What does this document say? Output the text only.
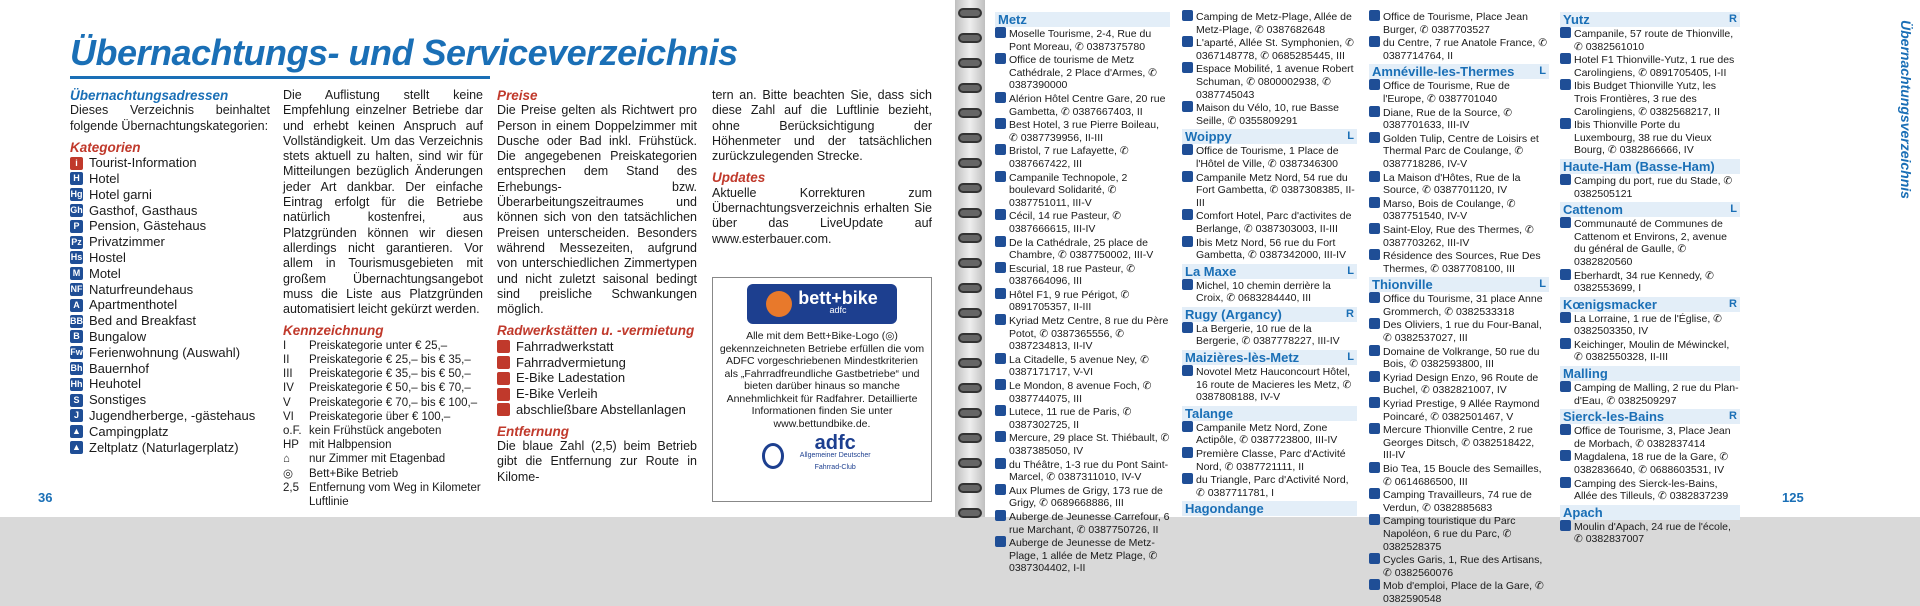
Übernachtungs- und Serviceverzeichnis
Übernachtungsadressen
Dieses Verzeichnis beinhaltet folgende Übernachtungskategorien:
Kategorien
i Tourist-Information
H Hotel
Hg Hotel garni
Gh Gasthof, Gasthaus
P Pension, Gästehaus
Pz Privatzimmer
Hs Hostel
M Motel
NF Naturfreundehaus
A Apartmenthotel
BB Bed and Breakfast
B Bungalow
Fw Ferienwohnung (Auswahl)
Bh Bauernhof
Hh Heuhotel
S Sonstiges
J Jugendherberge, -gästehaus
▲ Campingplatz
▲ Zeltplatz (Naturlagerplatz)
Die Auflistung stellt keine Empfehlung einzelner Betriebe dar und erhebt keinen Anspruch auf Vollständigkeit. Um das Verzeichnis stets aktuell zu halten, sind wir für Mitteilungen bezüglich Änderungen jeder Art dankbar. Der einfache Eintrag erfolgt für die Betriebe natürlich kostenfrei, aus Platzgründen können wir diesen allerdings nicht garantieren. Vor allem in Tourismusgebieten mit großem Übernachtungsangebot muss die Liste aus Platzgründen automatisiert leicht gekürzt werden.
Kennzeichnung
I	Preiskategorie unter € 25,–
II	Preiskategorie € 25,– bis € 35,–
III	Preiskategorie € 35,– bis € 50,–
IV	Preiskategorie € 50,– bis € 70,–
V	Preiskategorie € 70,– bis € 100,–
VI	Preiskategorie über € 100,–
o.F. kein Frühstück angeboten
HP mit Halbpension
⌂	nur Zimmer mit Etagenbad
◎	Bett+Bike Betrieb
2,5 Entfernung vom Weg in Kilometer Luftlinie
Preise
Die Preise gelten als Richtwert pro Person in einem Doppelzimmer mit Dusche oder Bad inkl. Frühstück. Die angegebenen Preiskategorien entsprechen dem Stand des Erhebungs- bzw. Überarbeitungszeitraumes und können sich von den tatsächlichen Preisen unterscheiden. Besonders während Messezeiten, aufgrund von unterschiedlichen Zimmertypen und nicht zuletzt saisonal bedingt sind preisliche Schwankungen möglich.
Radwerkstätten u. -vermietung
Fahrradwerkstatt
Fahrradvermietung
E-Bike Ladestation
E-Bike Verleih
abschließbare Abstellanlagen
Entfernung
Die blaue Zahl (2,5) beim Betrieb gibt die Entfernung zur Route in Kilome-
tern an. Bitte beachten Sie, dass sich diese Zahl auf die Luftlinie bezieht, ohne Berücksichtigung der Höhenmeter und der tatsächlichen zurückzulegenden Strecke.
Updates
Aktuelle Korrekturen zum Übernachtungsverzeichnis erhalten Sie über das LiveUpdate auf www.esterbauer.com.
bett+bike
adfc
Alle mit dem Bett+Bike-Logo (◎) gekennzeichneten Betriebe erfüllen die vom ADFC vorgeschriebenen Mindestkriterien als „Fahrradfreundliche Gastbetriebe“ und bieten darüber hinaus so manche Annehmlichkeit für Radfahrer. Detaillierte Informationen finden Sie unter www.bettundbike.de.
adfc
Allgemeiner Deutscher Fahrrad-Club
36
Metz
Moselle Tourisme, 2-4, Rue du Pont Moreau, ✆ 0387375780
Office de tourisme de Metz Cathédrale, 2 Place d'Armes, ✆ 0387390000
Alérion Hôtel Centre Gare, 20 rue Gambetta, ✆ 0387667403, II
Best Hotel, 3 rue Pierre Boileau, ✆ 0387739956, II-III
Bristol, 7 rue Lafayette, ✆ 0387667422, III
Campanile Technopole, 2 boulevard Solidarité, ✆ 0387751011, III-V
Cécil, 14 rue Pasteur, ✆ 0387666615, III-IV
De la Cathédrale, 25 place de Chambre, ✆ 0387750002, III-V
Escurial, 18 rue Pasteur, ✆ 0387664096, III
Hôtel F1, 9 rue Périgot, ✆ 0891705357, II-III
Kyriad Metz Centre, 8 rue du Père Potot, ✆ 0387365556, ✆ 0387234813, II-IV
La Citadelle, 5 avenue Ney, ✆ 0387171717, V-VI
Le Mondon, 8 avenue Foch, ✆ 0387744075, III
Lutece, 11 rue de Paris, ✆ 0387302725, II
Mercure, 29 place St. Thiébault, ✆ 0387385050, IV
du Théâtre, 1-3 rue du Pont Saint-Marcel, ✆ 0387311010, IV-V
Aux Plumes de Grigy, 173 rue de Grigy, ✆ 0689668886, III
Auberge de Jeunesse Carrefour, 6 rue Marchant, ✆ 0387750726, II
Auberge de Jeunesse de Metz-Plage, 1 allée de Metz Plage, ✆ 0387304402, I-II
Camping de Metz-Plage, Allée de Metz-Plage, ✆ 0387682648
L'aparté, Allée St. Symphonien, ✆ 0367148778, ✆ 0685285445, III
Espace Mobilité, 1 avenue Robert Schuman, ✆ 0800002938, ✆ 0387745043
Maison du Vélo, 10, rue Basse Seille, ✆ 0355809291
Woippy	L
Office de Tourisme, 1 Place de l'Hôtel de Ville, ✆ 0387346300
Campanile Metz Nord, 54 rue du Fort Gambetta, ✆ 0387308385, II-III
Comfort Hotel, Parc d'activites de Berlange, ✆ 0387303003, II-III
Ibis Metz Nord, 56 rue du Fort Gambetta, ✆ 0387342000, III-IV
La Maxe	L
Michel, 10 chemin derrière la Croix, ✆ 0683284440, III
Rugy (Argancy)	R
La Bergerie, 10 rue de la Bergerie, ✆ 0387778227, III-IV
Maizières-lès-Metz	L
Novotel Metz Hauconcourt Hôtel, 16 route de Macieres les Metz, ✆ 0387808188, IV-V
Talange
Campanile Metz Nord, Zone Actipôle, ✆ 0387723800, III-IV
Première Classe, Parc d'Activité Nord, ✆ 0387721111, II
du Triangle, Parc d'Activité Nord, ✆ 0387711781, I
Hagondange
Office de Tourisme, Place Jean Burger, ✆ 0387703527
du Centre, 7 rue Anatole France, ✆ 0387714764, II
Amnéville-les-Thermes L
Office de Tourisme, Rue de l'Europe, ✆ 0387701040
Diane, Rue de la Source, ✆ 0387701633, III-IV
Golden Tulip, Centre de Loisirs et Thermal Parc de Coulange, ✆ 0387718286, IV-V
La Maison d'Hôtes, Rue de la Source, ✆ 0387701120, IV
Marso, Bois de Coulange, ✆ 0387751540, IV-V
Saint-Eloy, Rue des Thermes, ✆ 0387703262, III-IV
Résidence des Sources, Rue Des Thermes, ✆ 0387708100, III
Thionville	L
Office du Tourisme, 31 place Anne Grommerch, ✆ 0382533318
Des Oliviers, 1 rue du Four-Banal, ✆ 0382537027, III
Domaine de Volkrange, 50 rue du Bois, ✆ 0382593800, III
Kyriad Design Enzo, 96 Route de Buchel, ✆ 0382821007, IV
Kyriad Prestige, 9 Allée Raymond Poincaré, ✆ 0382501467, V
Mercure Thionville Centre, 2 rue Georges Ditsch, ✆ 0382518422, III-IV
Bio Tea, 15 Boucle des Semailles, ✆ 0614686500, III
Camping Travailleurs, 74 rue de Verdun, ✆ 0382885683
Camping touristique du Parc Napoléon, 6 rue du Parc, ✆ 0382528375
Cycles Garis, 1, Rue des Artisans, ✆ 0382560076
Mob d'emploi, Place de la Gare, ✆ 0382590548
Yutz	R
Campanile, 57 route de Thionville, ✆ 0382561010
Hotel F1 Thionville-Yutz, 1 rue des Carolingiens, ✆ 0891705405, I-II
Ibis Budget Thionville Yutz, les Trois Frontières, 3 rue des Carolingiens, ✆ 0382568217, II
Ibis Thionville Porte du Luxembourg, 38 rue du Vieux Bourg, ✆ 0382866666, IV
Haute-Ham (Basse-Ham)
Camping du port, rue du Stade, ✆ 0382505121
Cattenom	L
Communauté de Communes de Cattenom et Environs, 2, avenue du général de Gaulle, ✆ 0382820560
Eberhardt, 34 rue Kennedy, ✆ 0382553699, I
Kœnigsmacker	R
La Lorraine, 1 rue de l'Église, ✆ 0382503350, IV
Keichinger, Moulin de Méwinckel, ✆ 0382550328, II-III
Malling
Camping de Malling, 2 rue du Plan-d'Eau, ✆ 0382509297
Sierck-les-Bains	R
Office de Tourisme, 3, Place Jean de Morbach, ✆ 0382837414
Magdalena, 18 rue de la Gare, ✆ 0382836640, ✆ 0688603531, IV
Camping des Sierck-les-Bains, Allée des Tilleuls, ✆ 0382837239
Apach
Moulin d'Apach, 24 rue de l'école, ✆ 0382837007
Übernachtungsverzeichnis
125
